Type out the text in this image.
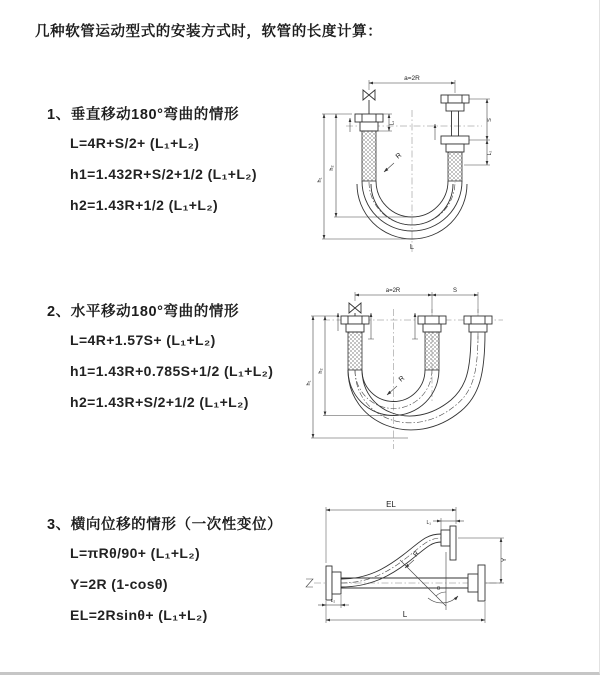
几种软管运动型式的安装方式时，软管的长度计算：
1、垂直移动180°弯曲的情形
L=4R+S/2+ (L₁+L₂)
h1=1.432R+S/2+1/2 (L₁+L₂)
h2=1.43R+1/2 (L₁+L₂)
a=2R
h₁
h₂
S
L₂
L₁
R
L
2、水平移动180°弯曲的情形
L=4R+1.57S+ (L₁+L₂)
h1=1.43R+0.785S+1/2 (L₁+L₂)
h2=1.43R+S/2+1/2 (L₁+L₂)
a=2R	S
h₁
h₂
R
3、横向位移的情形（一次性变位）
L=πRθ/90+ (L₁+L₂)
Y=2R (1-cosθ)
EL=2Rsinθ+ (L₁+L₂)
θ
R
EL
L₁
Y
L
L₂
